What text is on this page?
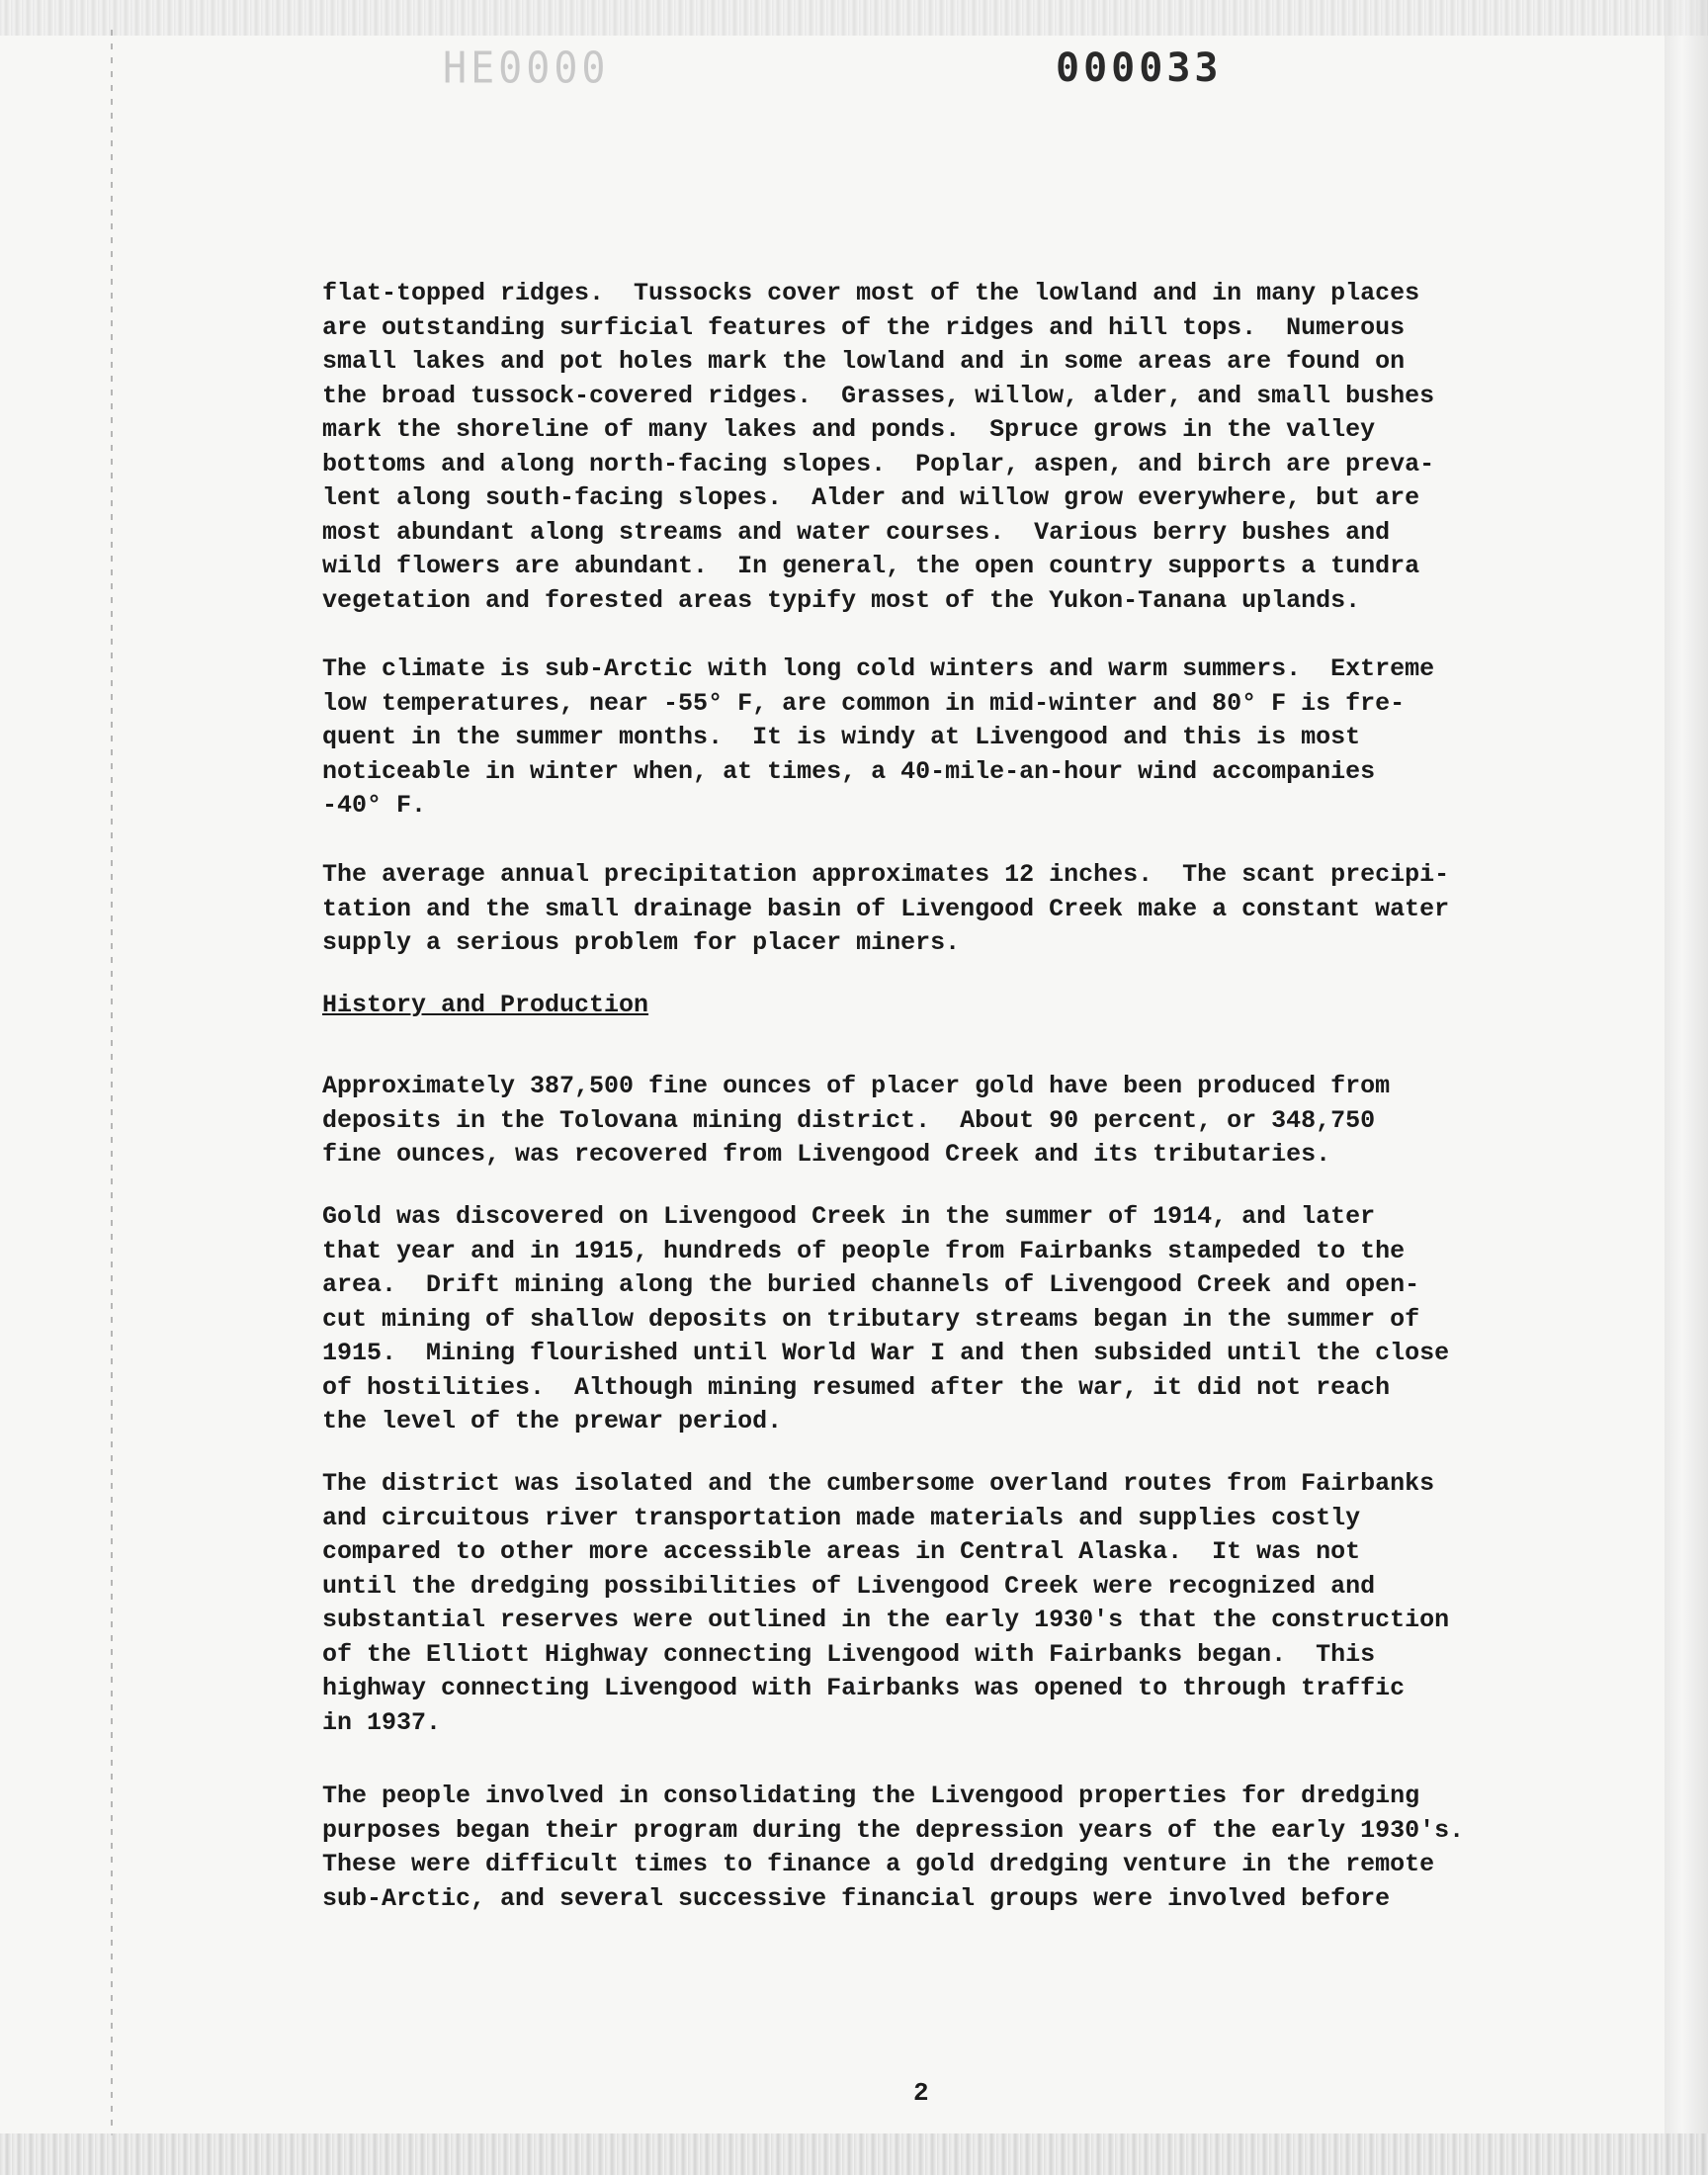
HE0000	000033
flat-topped ridges.  Tussocks cover most of the lowland and in many places
are outstanding surficial features of the ridges and hill tops.  Numerous
small lakes and pot holes mark the lowland and in some areas are found on
the broad tussock-covered ridges.  Grasses, willow, alder, and small bushes
mark the shoreline of many lakes and ponds.  Spruce grows in the valley
bottoms and along north-facing slopes.  Poplar, aspen, and birch are preva-
lent along south-facing slopes.  Alder and willow grow everywhere, but are
most abundant along streams and water courses.  Various berry bushes and
wild flowers are abundant.  In general, the open country supports a tundra
vegetation and forested areas typify most of the Yukon-Tanana uplands.
The climate is sub-Arctic with long cold winters and warm summers.  Extreme
low temperatures, near -55° F, are common in mid-winter and 80° F is fre-
quent in the summer months.  It is windy at Livengood and this is most
noticeable in winter when, at times, a 40-mile-an-hour wind accompanies
-40° F.
The average annual precipitation approximates 12 inches.  The scant precipi-
tation and the small drainage basin of Livengood Creek make a constant water
supply a serious problem for placer miners.
History and Production
Approximately 387,500 fine ounces of placer gold have been produced from
deposits in the Tolovana mining district.  About 90 percent, or 348,750
fine ounces, was recovered from Livengood Creek and its tributaries.
Gold was discovered on Livengood Creek in the summer of 1914, and later
that year and in 1915, hundreds of people from Fairbanks stampeded to the
area.  Drift mining along the buried channels of Livengood Creek and open-
cut mining of shallow deposits on tributary streams began in the summer of
1915.  Mining flourished until World War I and then subsided until the close
of hostilities.  Although mining resumed after the war, it did not reach
the level of the prewar period.
The district was isolated and the cumbersome overland routes from Fairbanks
and circuitous river transportation made materials and supplies costly
compared to other more accessible areas in Central Alaska.  It was not
until the dredging possibilities of Livengood Creek were recognized and
substantial reserves were outlined in the early 1930's that the construction
of the Elliott Highway connecting Livengood with Fairbanks began.  This
highway connecting Livengood with Fairbanks was opened to through traffic
in 1937.
The people involved in consolidating the Livengood properties for dredging
purposes began their program during the depression years of the early 1930's.
These were difficult times to finance a gold dredging venture in the remote
sub-Arctic, and several successive financial groups were involved before
2
